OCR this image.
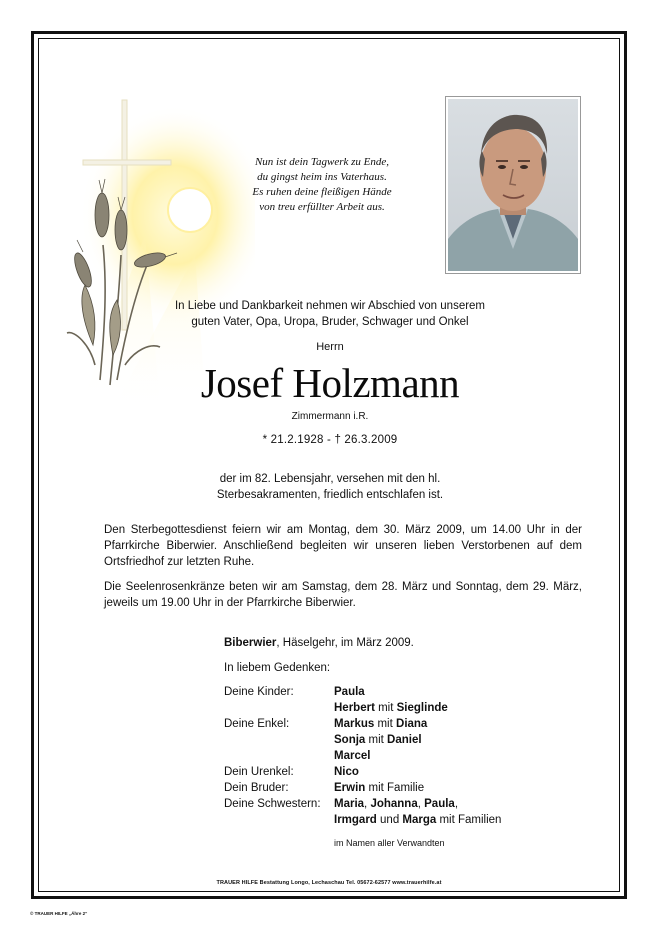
Nun ist dein Tagwerk zu Ende,
du gingst heim ins Vaterhaus.
Es ruhen deine fleißigen Hände
von treu erfüllter Arbeit aus.
In Liebe und Dankbarkeit nehmen wir Abschied von unserem
guten Vater, Opa, Uropa, Bruder, Schwager und Onkel
Herrn
Josef Holzmann
Zimmermann i.R.
* 21.2.1928 - † 26.3.2009
der im 82. Lebensjahr, versehen mit den hl.
Sterbesakramenten, friedlich entschlafen ist.
Den Sterbegottesdienst feiern wir am Montag, dem 30. März 2009, um 14.00 Uhr in der Pfarrkirche Biberwier. Anschließend begleiten wir unseren lieben Verstorbenen auf dem Ortsfriedhof zur letzten Ruhe.
Die Seelenrosenkränze beten wir am Samstag, dem 28. März und Sonntag, dem 29. März, jeweils um 19.00 Uhr in der Pfarrkirche Biberwier.
Biberwier, Häselgehr, im März 2009.
In liebem Gedenken:
Deine Kinder:	Paula
	Herbert mit Sieglinde
Deine Enkel:	Markus mit Diana
	Sonja mit Daniel
	Marcel
Dein Urenkel:	Nico
Dein Bruder:	Erwin mit Familie
Deine Schwestern:	Maria, Johanna, Paula,
	Irmgard und Marga mit Familien
im Namen aller Verwandten
TRAUER HILFE Bestattung Longo, Lechaschau Tel. 05672-62577 www.trauerhilfe.at
© TRAUER HILFE „Ähre 2“
